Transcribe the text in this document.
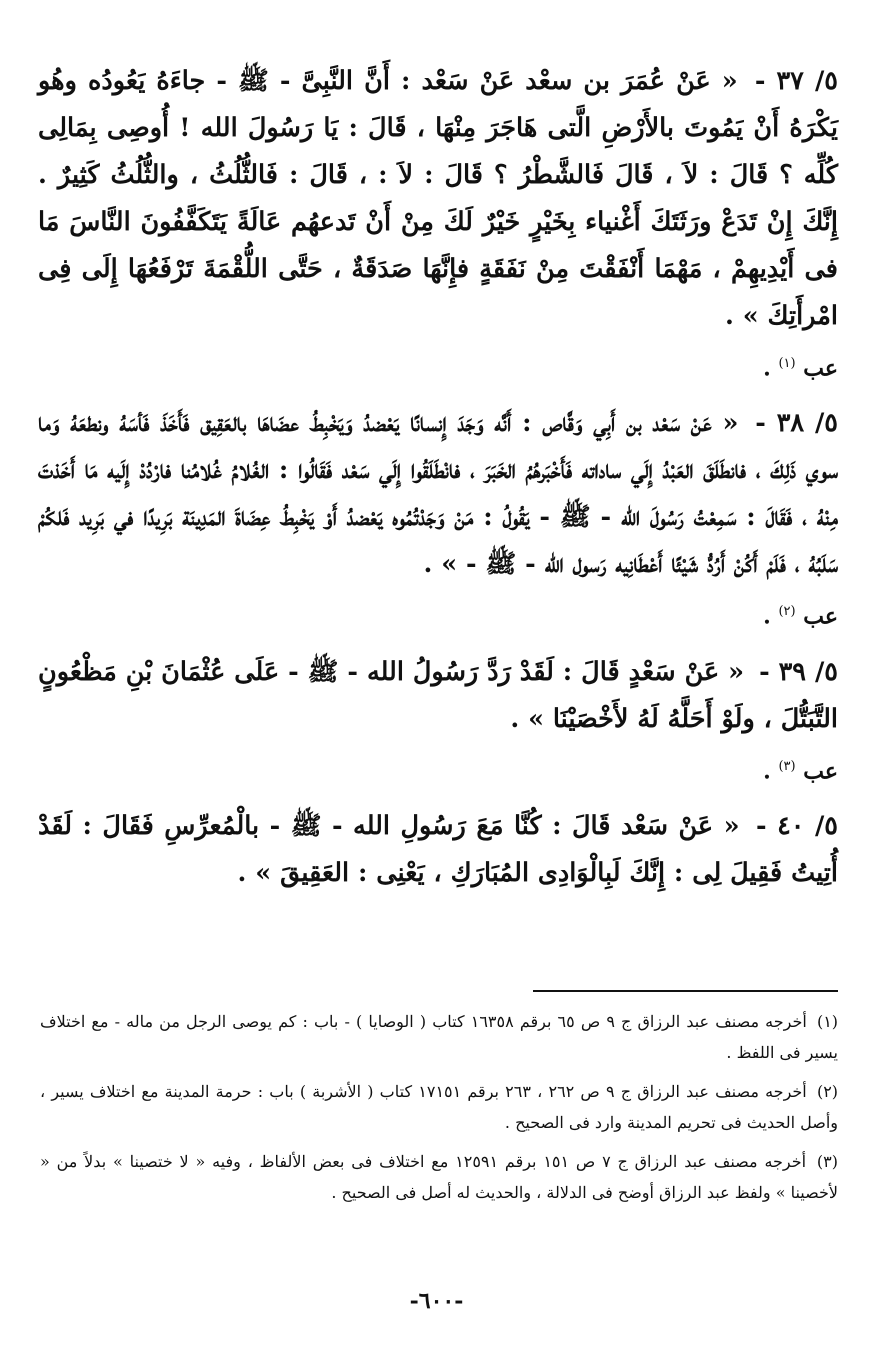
٥/ ٣٧ - « عَنْ عُمَرَ بن سعْد عَنْ سَعْد : أَنَّ النَّبِىَّ - ﷺ - جاءَهُ يَعُودُه وهُو يَكْرَهُ أَنْ يَمُوتَ بالأَرْضِ الَّتى هَاجَرَ مِنْهَا ، قَالَ : يَا رَسُولَ الله ! أُوصِى بِمَالِى كُلِّه ؟ قَالَ : لاَ ، قَالَ فَالشَّطْرُ ؟ قَالَ : لاَ : ، قَالَ : فَالثُّلُثُ ، والثُّلُثُ كَثِيرٌ . إِنَّكَ إِنْ تَدَعْ ورَثَتَكَ أَغْنياء بِخَيْرٍ خَيْرٌ لَكَ مِنْ أَنْ تَدعهُم عَالَةً يَتَكَفَّفُونَ النَّاسَ مَا فى أَيْدِيهِمْ ، مَهْمَا أَنْفَقْتَ مِنْ نَفَقَةٍ فإِنَّهَا صَدَقَةٌ ، حَتَّى اللُّقْمَةَ تَرْفَعُهَا إِلَى فِى امْرأَتِكَ » .

عب $^{(١)}$ .

٥/ ٣٨ - « عَنْ سَعْد بن أَبِي وَقَّاص : أَنَّه وَجَدَ إِنسانًا يَعْضدُ وَيَخْبِطُ عضَاهَا بالعَقِيق فَأَخَذَ فَأسَهُ ونطعَهُ وَما سوي ذَلِكَ ، فانطَلَقَ العَبْدُ إِلَي ساداته فَأَخْبَرهُمُ الخَبَرَ ، فانْطَلَقُوا إِلَي سَعْد فَقَالُوا : الغُلامُ غُلامُنا فارْدُدْ إِلَيه مَا أَخَذتَ مِنْهُ ، فَقَالَ : سَمِعْتُ رَسُولَ الله - ﷺ - يَقُولُ : مَنْ وَجَدْتُمُوه يَعْضدُ أَوْ يَخْبِطُ عِضَاةَ المَدِينَة بَرِيدًا في بَرِيد فَلكُمْ سَلَبُهُ ، فَلَمْ أَكُنْ أَرُدُّ شَيْئًا أَعْطَانِيه رَسول الله - ﷺ - » .

عب $^{(٢)}$ .

٥/ ٣٩ - « عَنْ سَعْدٍ قَالَ : لَقَدْ رَدَّ رَسُولُ الله - ﷺ - عَلَى عُثْمَانَ بْنِ مَظْعُونٍ التَّبَتُّلَ ، ولَوْ أَحَلَّهُ لَهُ لأَخْصَيْنَا » .

عب $^{(٣)}$ .

٥/ ٤٠ - « عَنْ سَعْد قَالَ : كُنَّا مَعَ رَسُولِ الله - ﷺ - بالْمُعرِّسِ فَقَالَ : لَقَدْ أُتِيتُ فَقِيلَ لِى : إِنَّكَ لَبِالْوَادِى المُبَارَكِ ، يَعْنِى : العَقِيقَ » .

(١) أخرجه مصنف عبد الرزاق ج ٩ ص ٦٥ برقم ١٦٣٥٨ كتاب ( الوصايا ) - باب : كم يوصى الرجل من ماله - مع اختلاف يسير فى اللفظ .

(٢) أخرجه مصنف عبد الرزاق ج ٩ ص ٢٦٢ ، ٢٦٣ برقم ١٧١٥١ كتاب ( الأشربة ) باب : حرمة المدينة مع اختلاف يسير ، وأصل الحديث فى تحريم المدينة وارد فى الصحيح .

(٣) أخرجه مصنف عبد الرزاق ج ٧ ص ١٥١ برقم ١٢٥٩١ مع اختلاف فى بعض الألفاظ ، وفيه « لا ختصينا » بدلاً من « لأخصينا » ولفظ عبد الرزاق أوضح فى الدلالة ، والحديث له أصل فى الصحيح .

-٦٠٠-
